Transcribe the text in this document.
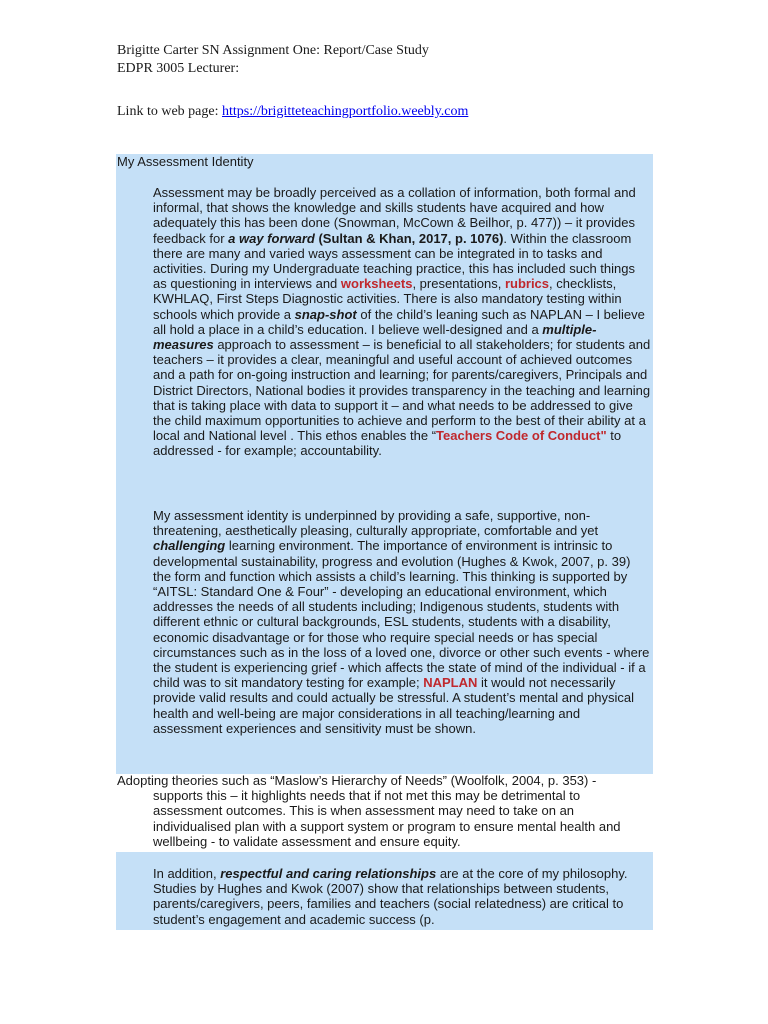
Brigitte Carter SN Assignment One: Report/Case Study
EDPR 3005 Lecturer:
Link to web page: https://brigitteteachingportfolio.weebly.com
My Assessment Identity

Assessment may be broadly perceived as a collation of information, both formal and informal, that shows the knowledge and skills students have acquired and how adequately this has been done (Snowman, McCown & Beilhor, p. 477)) – it provides feedback for a way forward (Sultan & Khan, 2017, p. 1076). Within the classroom there are many and varied ways assessment can be integrated in to tasks and activities. During my Undergraduate teaching practice, this has included such things as questioning in interviews and worksheets, presentations, rubrics, checklists, KWHLAQ, First Steps Diagnostic activities. There is also mandatory testing within schools which provide a snap-shot of the child’s leaning such as NAPLAN – I believe all hold a place in a child’s education. I believe well-designed and a multiple-measures approach to assessment – is beneficial to all stakeholders; for students and teachers – it provides a clear, meaningful and useful account of achieved outcomes and a path for on-going instruction and learning; for parents/caregivers, Principals and District Directors, National bodies it provides transparency in the teaching and learning that is taking place with data to support it – and what needs to be addressed to give the child maximum opportunities to achieve and perform to the best of their ability at a local and National level . This ethos enables the “Teachers Code of Conduct" to addressed - for example; accountability.

My assessment identity is underpinned by providing a safe, supportive, non-threatening, aesthetically pleasing, culturally appropriate, comfortable and yet challenging learning environment. The importance of environment is intrinsic to developmental sustainability, progress and evolution (Hughes & Kwok, 2007, p. 39) the form and function which assists a child’s learning. This thinking is supported by “AITSL: Standard One & Four” - developing an educational environment, which addresses the needs of all students including; Indigenous students, students with different ethnic or cultural backgrounds, ESL students, students with a disability, economic disadvantage or for those who require special needs or has special circumstances such as in the loss of a loved one, divorce or other such events - where the student is experiencing grief - which affects the state of mind of the individual - if a child was to sit mandatory testing for example; NAPLAN it would not necessarily provide valid results and could actually be stressful. A student’s mental and physical health and well-being are major considerations in all teaching/learning and assessment experiences and sensitivity must be shown.

Adopting theories such as “Maslow’s Hierarchy of Needs” (Woolfolk, 2004, p. 353) -

supports this – it highlights needs that if not met this may be detrimental to assessment outcomes. This is when assessment may need to take on an individualised plan with a support system or program to ensure mental health and wellbeing - to validate assessment and ensure equity.

In addition, respectful and caring relationships are at the core of my philosophy. Studies by Hughes and Kwok (2007) show that relationships between students, parents/caregivers, peers, families and teachers (social relatedness) are critical to student’s engagement and academic success (p.
